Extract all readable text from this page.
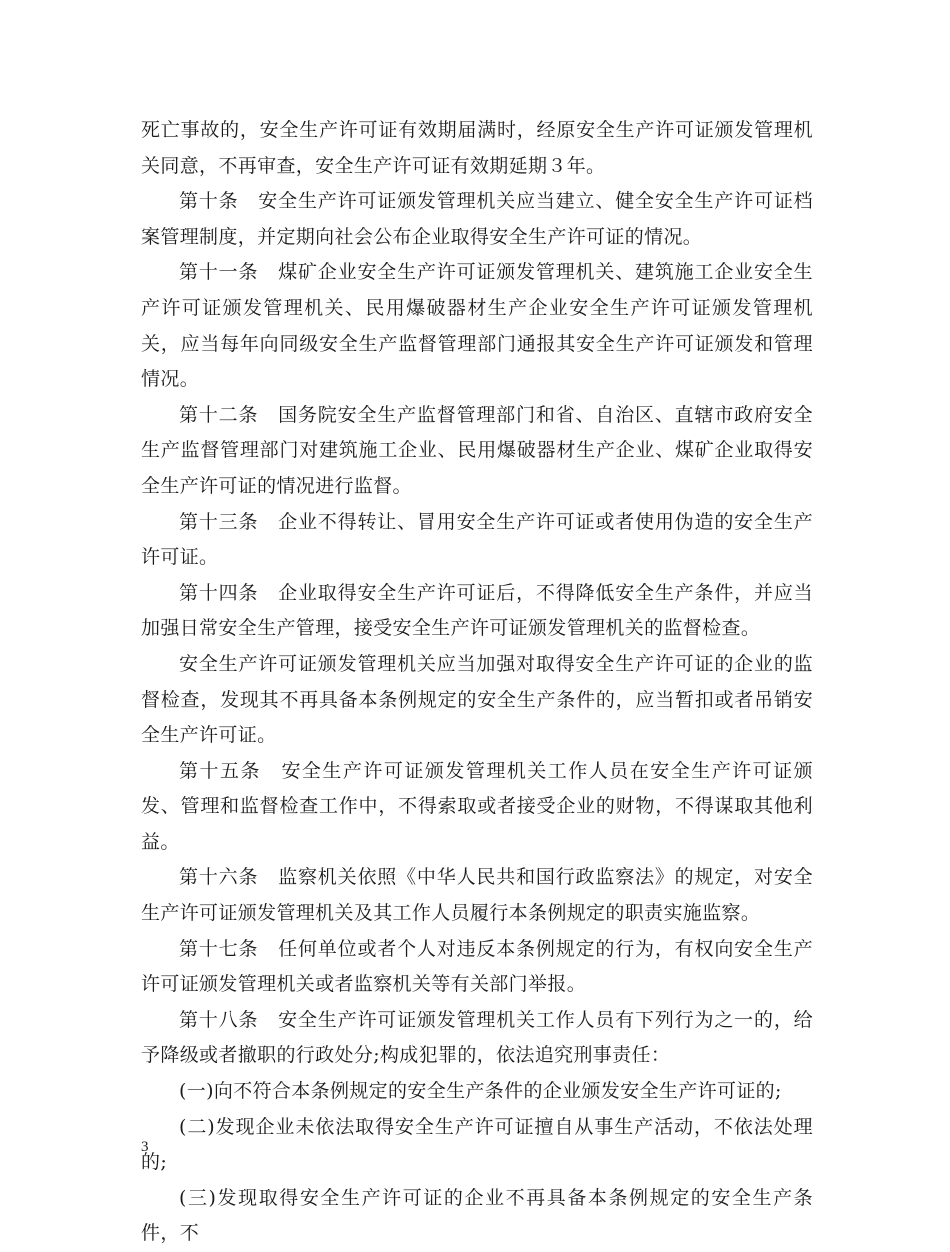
死亡事故的，安全生产许可证有效期届满时，经原安全生产许可证颁发管理机关同意，不再审查，安全生产许可证有效期延期３年。

第十条　安全生产许可证颁发管理机关应当建立、健全安全生产许可证档案管理制度，并定期向社会公布企业取得安全生产许可证的情况。

第十一条　煤矿企业安全生产许可证颁发管理机关、建筑施工企业安全生产许可证颁发管理机关、民用爆破器材生产企业安全生产许可证颁发管理机关，应当每年向同级安全生产监督管理部门通报其安全生产许可证颁发和管理情况。

第十二条　国务院安全生产监督管理部门和省、自治区、直辖市政府安全生产监督管理部门对建筑施工企业、民用爆破器材生产企业、煤矿企业取得安全生产许可证的情况进行监督。

第十三条　企业不得转让、冒用安全生产许可证或者使用伪造的安全生产许可证。

第十四条　企业取得安全生产许可证后，不得降低安全生产条件，并应当加强日常安全生产管理，接受安全生产许可证颁发管理机关的监督检查。

安全生产许可证颁发管理机关应当加强对取得安全生产许可证的企业的监督检查，发现其不再具备本条例规定的安全生产条件的，应当暂扣或者吊销安全生产许可证。

第十五条　安全生产许可证颁发管理机关工作人员在安全生产许可证颁发、管理和监督检查工作中，不得索取或者接受企业的财物，不得谋取其他利益。

第十六条　监察机关依照《中华人民共和国行政监察法》的规定，对安全生产许可证颁发管理机关及其工作人员履行本条例规定的职责实施监察。

第十七条　任何单位或者个人对违反本条例规定的行为，有权向安全生产许可证颁发管理机关或者监察机关等有关部门举报。

第十八条　安全生产许可证颁发管理机关工作人员有下列行为之一的，给予降级或者撤职的行政处分;构成犯罪的，依法追究刑事责任：

(一)向不符合本条例规定的安全生产条件的企业颁发安全生产许可证的;

(二)发现企业未依法取得安全生产许可证擅自从事生产活动，不依法处理的;

(三)发现取得安全生产许可证的企业不再具备本条例规定的安全生产条件，不

3
